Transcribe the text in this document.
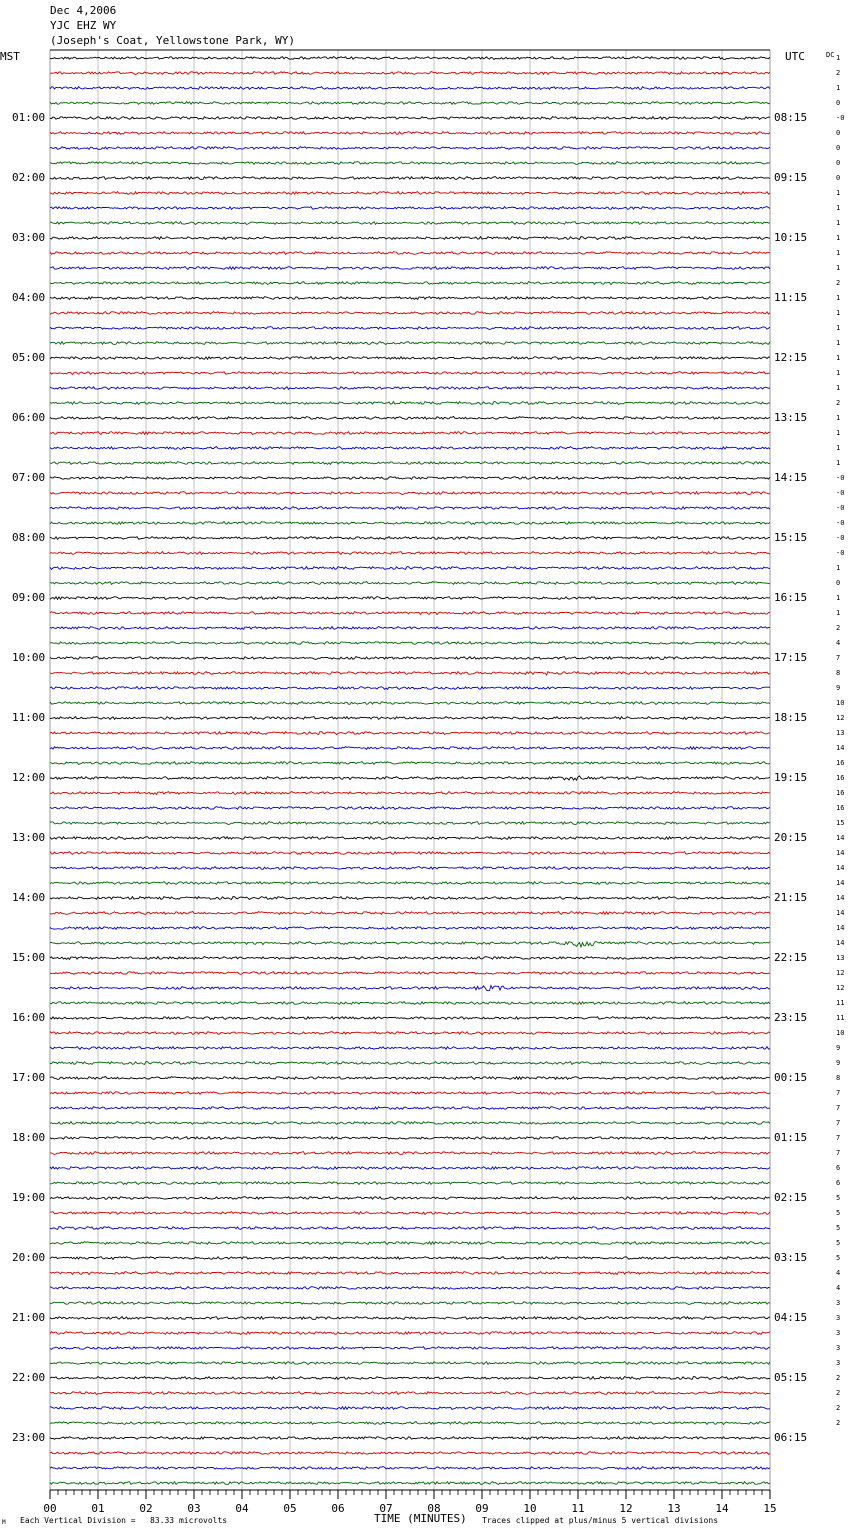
Dec 4,2006
YJC EHZ WY
(Joseph's Coat, Yellowstone Park, WY)
MST	UTC	DC
00	01	02	03	04	05	06	07	08	09	10	11	12	13	14	15
01:00
02:00
03:00
04:00
05:00
06:00
07:00
08:00
09:00
10:00
11:00
12:00
13:00
14:00
15:00
16:00
17:00
18:00
19:00
20:00
21:00
22:00
23:00
08:15
09:15
10:15
11:15
12:15
13:15
14:15
15:15
16:15
17:15
18:15
19:15
20:15
21:15
22:15
23:15
00:15
01:15
02:15
03:15
04:15
05:15
06:15
1
2
1
0
-0
0
0
0
0
1
1
1
1
1
1
2
1
1
1
1
1
1
1
2
1
1
1
1
-0
-0
-0
-0
-0
-0
1
0
1
1
2
4
7
8
9
10
12
13
14
16
16
16
16
15
14
14
14
14
14
14
14
14
13
12
12
11
11
10
9
9
8
7
7
7
7
7
6
6
5
5
5
5
5
4
4
3
3
3
3
3
2
2
2
2
M Each Vertical Division =   83.33 microvolts	TIME (MINUTES) Traces clipped at plus/minus 5 vertical divisions
